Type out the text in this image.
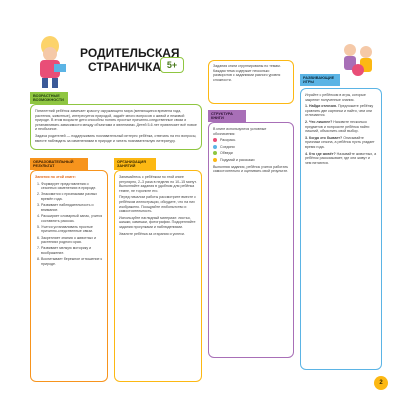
РОДИТЕЛЬСКАЯ
СТРАНИЧКА 5+
ВОЗРАСТНЫЕ ВОЗМОЖНОСТИ

Пятилетний ребёнок замечает красоту окружающего мира (меняющиеся времена года, растения, животные), интересуется природой, задаёт много вопросов о живой и неживой природе. В этом возрасте дети способны понять простые причинно-следственные связи и устанавливать зависимости между объектами и явлениями. Детей 5-6 лет привлекает всё новое и необычное.

Задача родителей — поддерживать познавательный интерес ребёнка, отвечать на его вопросы, вместе наблюдать за изменениями в природе и читать познавательную литературу.

ОБРАЗОВАТЕЛЬНЫЙ РЕЗУЛЬТАТ
Занятия по этой книге:
1. Формирует представления о сезонных изменениях в природе.
2. Знакомится с признаками разных времён года.
3. Развивает наблюдательность и внимание.
4. Расширяет словарный запас, учится составлять рассказ.
5. Учится устанавливать простые причинно-следственные связи.
6. Закрепляет знания о животных и растениях родного края.
7. Развивает мелкую моторику и воображение.
8. Воспитывает бережное отношение к природе.
ОРГАНИЗАЦИЯ ЗАНЯТИЙ

Занимайтесь с ребёнком по этой книге регулярно, 2–3 раза в неделю по 10–15 минут. Выполняйте задания в удобном для ребёнка темпе, не торопите его.

Перед началом работы рассмотрите вместе с ребёнком иллюстрации, обсудите, что на них изображено. Поощряйте любопытство и самостоятельность.

Используйте наглядный материал: листья, шишки, камешки, фотографии. Подкрепляйте задания прогулками и наблюдениями.

Хвалите ребёнка за старания и успехи.

Задания книги сгруппированы по темам. Каждая тема содержит несколько разворотов с заданиями разного уровня сложности.

СТРУКТУРА КНИГИ

В книге используются условные обозначения:

Раскрась
Соедини
Обведи
Подумай и расскажи

Выполняя задания, ребёнок учится работать самостоятельно и оценивать свой результат.

РАЗВИВАЮЩИЕ ИГРЫ

Играйте с ребёнком в игры, которые закрепят полученные знания.

1. Найди отличия. Предложите ребёнку сравнить две картинки и найти, чем они отличаются.

2. Что лишнее? Назовите несколько предметов и попросите ребёнка найти лишний, объяснить свой выбор.

3. Когда это бывает? Описывайте признаки сезона, а ребёнок пусть угадает время года.

4. Кто где живёт? Называйте животных, а ребёнок рассказывает, где они живут и чем питаются.

2
